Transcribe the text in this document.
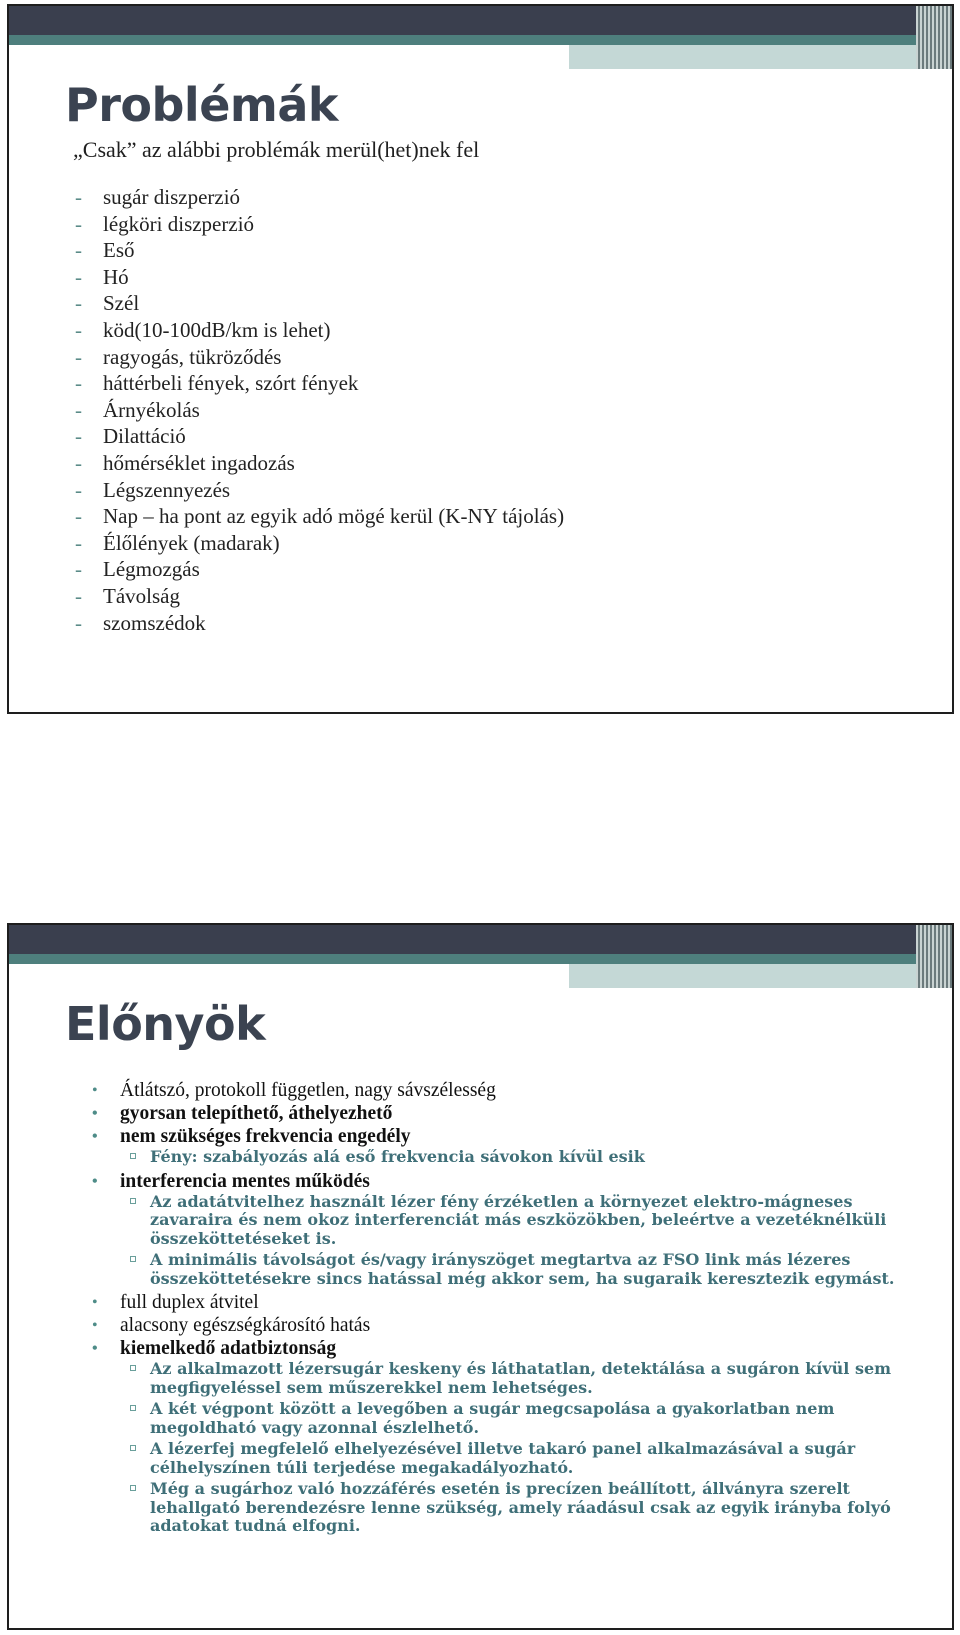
Problémák
„Csak” az alábbi problémák merül(het)nek fel
- sugár diszperzió
- légköri diszperzió
- Eső
- Hó
- Szél
- köd(10-100dB/km is lehet)
- ragyogás, tükröződés
- háttérbeli fények, szórt fények
- Árnyékolás
- Dilattáció
- hőmérséklet ingadozás
- Légszennyezés
- Nap – ha pont az egyik adó mögé kerül (K-NY tájolás)
- Élőlények (madarak)
- Légmozgás
- Távolság
- szomszédok
Előnyök
• Átlátszó, protokoll független, nagy sávszélesség
• gyorsan telepíthető, áthelyezhető
• nem szükséges frekvencia engedély
Fény: szabályozás alá eső frekvencia sávokon kívül esik
• interferencia mentes működés
Az adatátvitelhez használt lézer fény érzéketlen a környezet elektro-mágneses zavaraira és nem okoz interferenciát más eszközökben, beleértve a vezetéknélküli összeköttetéseket is.
A minimális távolságot és/vagy irányszöget megtartva az FSO link más lézeres összeköttetésekre sincs hatással még akkor sem, ha sugaraik keresztezik egymást.
• full duplex átvitel
• alacsony egészségkárosító hatás
• kiemelkedő adatbiztonság
Az alkalmazott lézersugár keskeny és láthatatlan, detektálása a sugáron kívül sem megfigyeléssel sem műszerekkel nem lehetséges.
A két végpont között a levegőben a sugár megcsapolása a gyakorlatban nem megoldható vagy azonnal észlelhető.
A lézerfej megfelelő elhelyezésével illetve takaró panel alkalmazásával a sugár célhelyszínen túli terjedése megakadályozható.
Még a sugárhoz való hozzáférés esetén is precízen beállított, állványra szerelt lehallgató berendezésre lenne szükség, amely ráadásul csak az egyik irányba folyó adatokat tudná elfogni.
